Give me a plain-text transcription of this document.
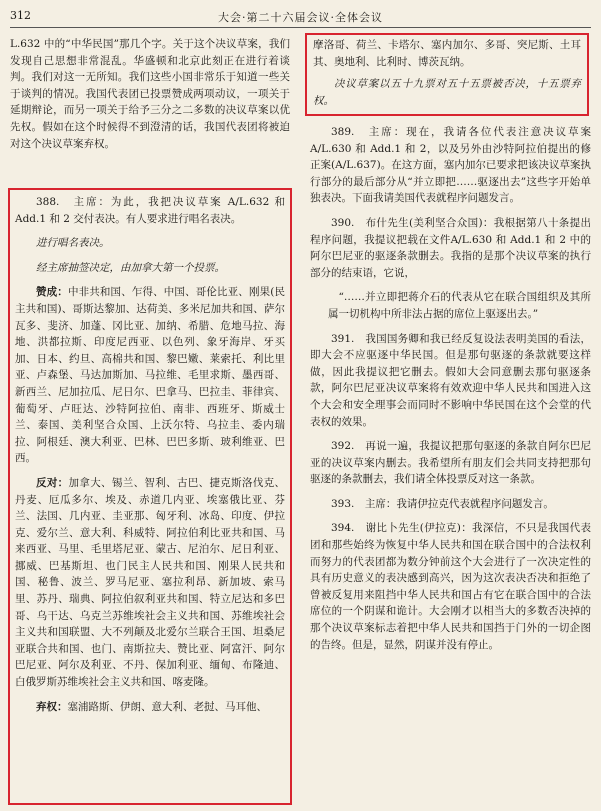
312	大会·第二十六届会议·全体会议

L.632 中的“中华民国”那几个字。关于这个决议草案，我们发现自己思想非常混乱。华盛顿和北京此刻正在进行着谈判。我们对这一无所知。我们这些小国非常乐于知道一些关于谈判的情况。我国代表团已投票赞成两项动议，一项关于延期辩论，而另一项关于给予三分之二多数的决议草案以优先权。假如在这个时候得不到澄清的话，我国代表团将被迫对这个决议草案弃权。

388.　主席：为此，我把决议草案 A/L.632 和 Add.1 和 2 交付表决。有人要求进行唱名表决。

进行唱名表决。

经主席抽签决定，由加拿大第一个投票。

赞成：中非共和国、乍得、中国、哥伦比亚、刚果(民主共和国)、哥斯达黎加、达荷美、多米尼加共和国、萨尔瓦多、斐济、加蓬、冈比亚、加纳、希腊、危地马拉、海地、洪都拉斯、印度尼西亚、以色列、象牙海岸、牙买加、日本、约旦、高棉共和国、黎巴嫩、莱索托、利比里亚、卢森堡、马达加斯加、马拉维、毛里求斯、墨西哥、新西兰、尼加拉瓜、尼日尔、巴拿马、巴拉圭、菲律宾、葡萄牙、卢旺达、沙特阿拉伯、南非、西班牙、斯威士兰、泰国、美利坚合众国、上沃尔特、乌拉圭、委内瑞拉、阿根廷、澳大利亚、巴林、巴巴多斯、玻利维亚、巴西。

反对：加拿大、锡兰、智利、古巴、捷克斯洛伐克、丹麦、厄瓜多尔、埃及、赤道几内亚、埃塞俄比亚、芬兰、法国、几内亚、圭亚那、匈牙利、冰岛、印度、伊拉克、爱尔兰、意大利、科威特、阿拉伯利比亚共和国、马来西亚、马里、毛里塔尼亚、蒙古、尼泊尔、尼日利亚、挪威、巴基斯坦、也门民主人民共和国、刚果人民共和国、秘鲁、波兰、罗马尼亚、塞拉利昂、新加坡、索马里、苏丹、瑞典、阿拉伯叙利亚共和国、特立尼达和多巴哥、乌干达、乌克兰苏维埃社会主义共和国、苏维埃社会主义共和国联盟、大不列颠及北爱尔兰联合王国、坦桑尼亚联合共和国、也门、南斯拉夫、赞比亚、阿富汗、阿尔巴尼亚、阿尔及利亚、不丹、保加利亚、缅甸、布隆迪、白俄罗斯苏维埃社会主义共和国、喀麦隆。

弃权：塞浦路斯、伊朗、意大利、老挝、马耳他、

摩洛哥、荷兰、卡塔尔、塞内加尔、多哥、突尼斯、土耳其、奥地利、比利时、博茨瓦纳。

决议草案以五十九票对五十五票被否决，十五票弃权。

389.　主席：现在，我请各位代表注意决议草案 A/L.630 和 Add.1 和 2，以及另外由沙特阿拉伯提出的修正案(A/L.637)。在这方面，塞内加尔已要求把该决议草案执行部分的最后部分从“并立即把……驱逐出去”这些字开始单独表决。下面我请美国代表就程序问题发言。

390.　布什先生(美利坚合众国)：我根据第八十条提出程序问题，我提议把载在文件A/L.630 和 Add.1 和 2 中的阿尔巴尼亚的驱逐条款删去。我指的是那个决议草案的执行部分的结束语，它说，

“……并立即把蒋介石的代表从它在联合国组织及其所属一切机构中所非法占据的席位上驱逐出去。”

391.　我国国务卿和我已经反复设法表明美国的看法，即大会不应驱逐中华民国。但是那句驱逐的条款就要这样做，因此我提议把它删去。假如大会同意删去那句驱逐条款，阿尔巴尼亚决议草案将有效欢迎中华人民共和国进入这个大会和安全理事会而同时不影响中华民国在这个会堂的代表权的效果。

392.　再说一遍，我提议把那句驱逐的条款自阿尔巴尼亚的决议草案内删去。我希望所有朋友们会共同支持把那句驱逐的条款删去，我们请全体投票反对这一条款。

393.　主席：我请伊拉克代表就程序问题发言。

394.　谢比卜先生(伊拉克)：我深信，不只是我国代表团和那些始终为恢复中华人民共和国在联合国中的合法权利而努力的代表团都为数分钟前这个大会进行了一次决定性的具有历史意义的表决感到高兴，因为这次表决否决和拒绝了曾被反复用来阻挡中华人民共和国占有它在联合国中的合法席位的一个阴谋和诡计。大会刚才以相当大的多数否决掉的那个决议草案标志着把中华人民共和国挡于门外的一切企图的告终。但是，显然，阴谋并没有停止。
